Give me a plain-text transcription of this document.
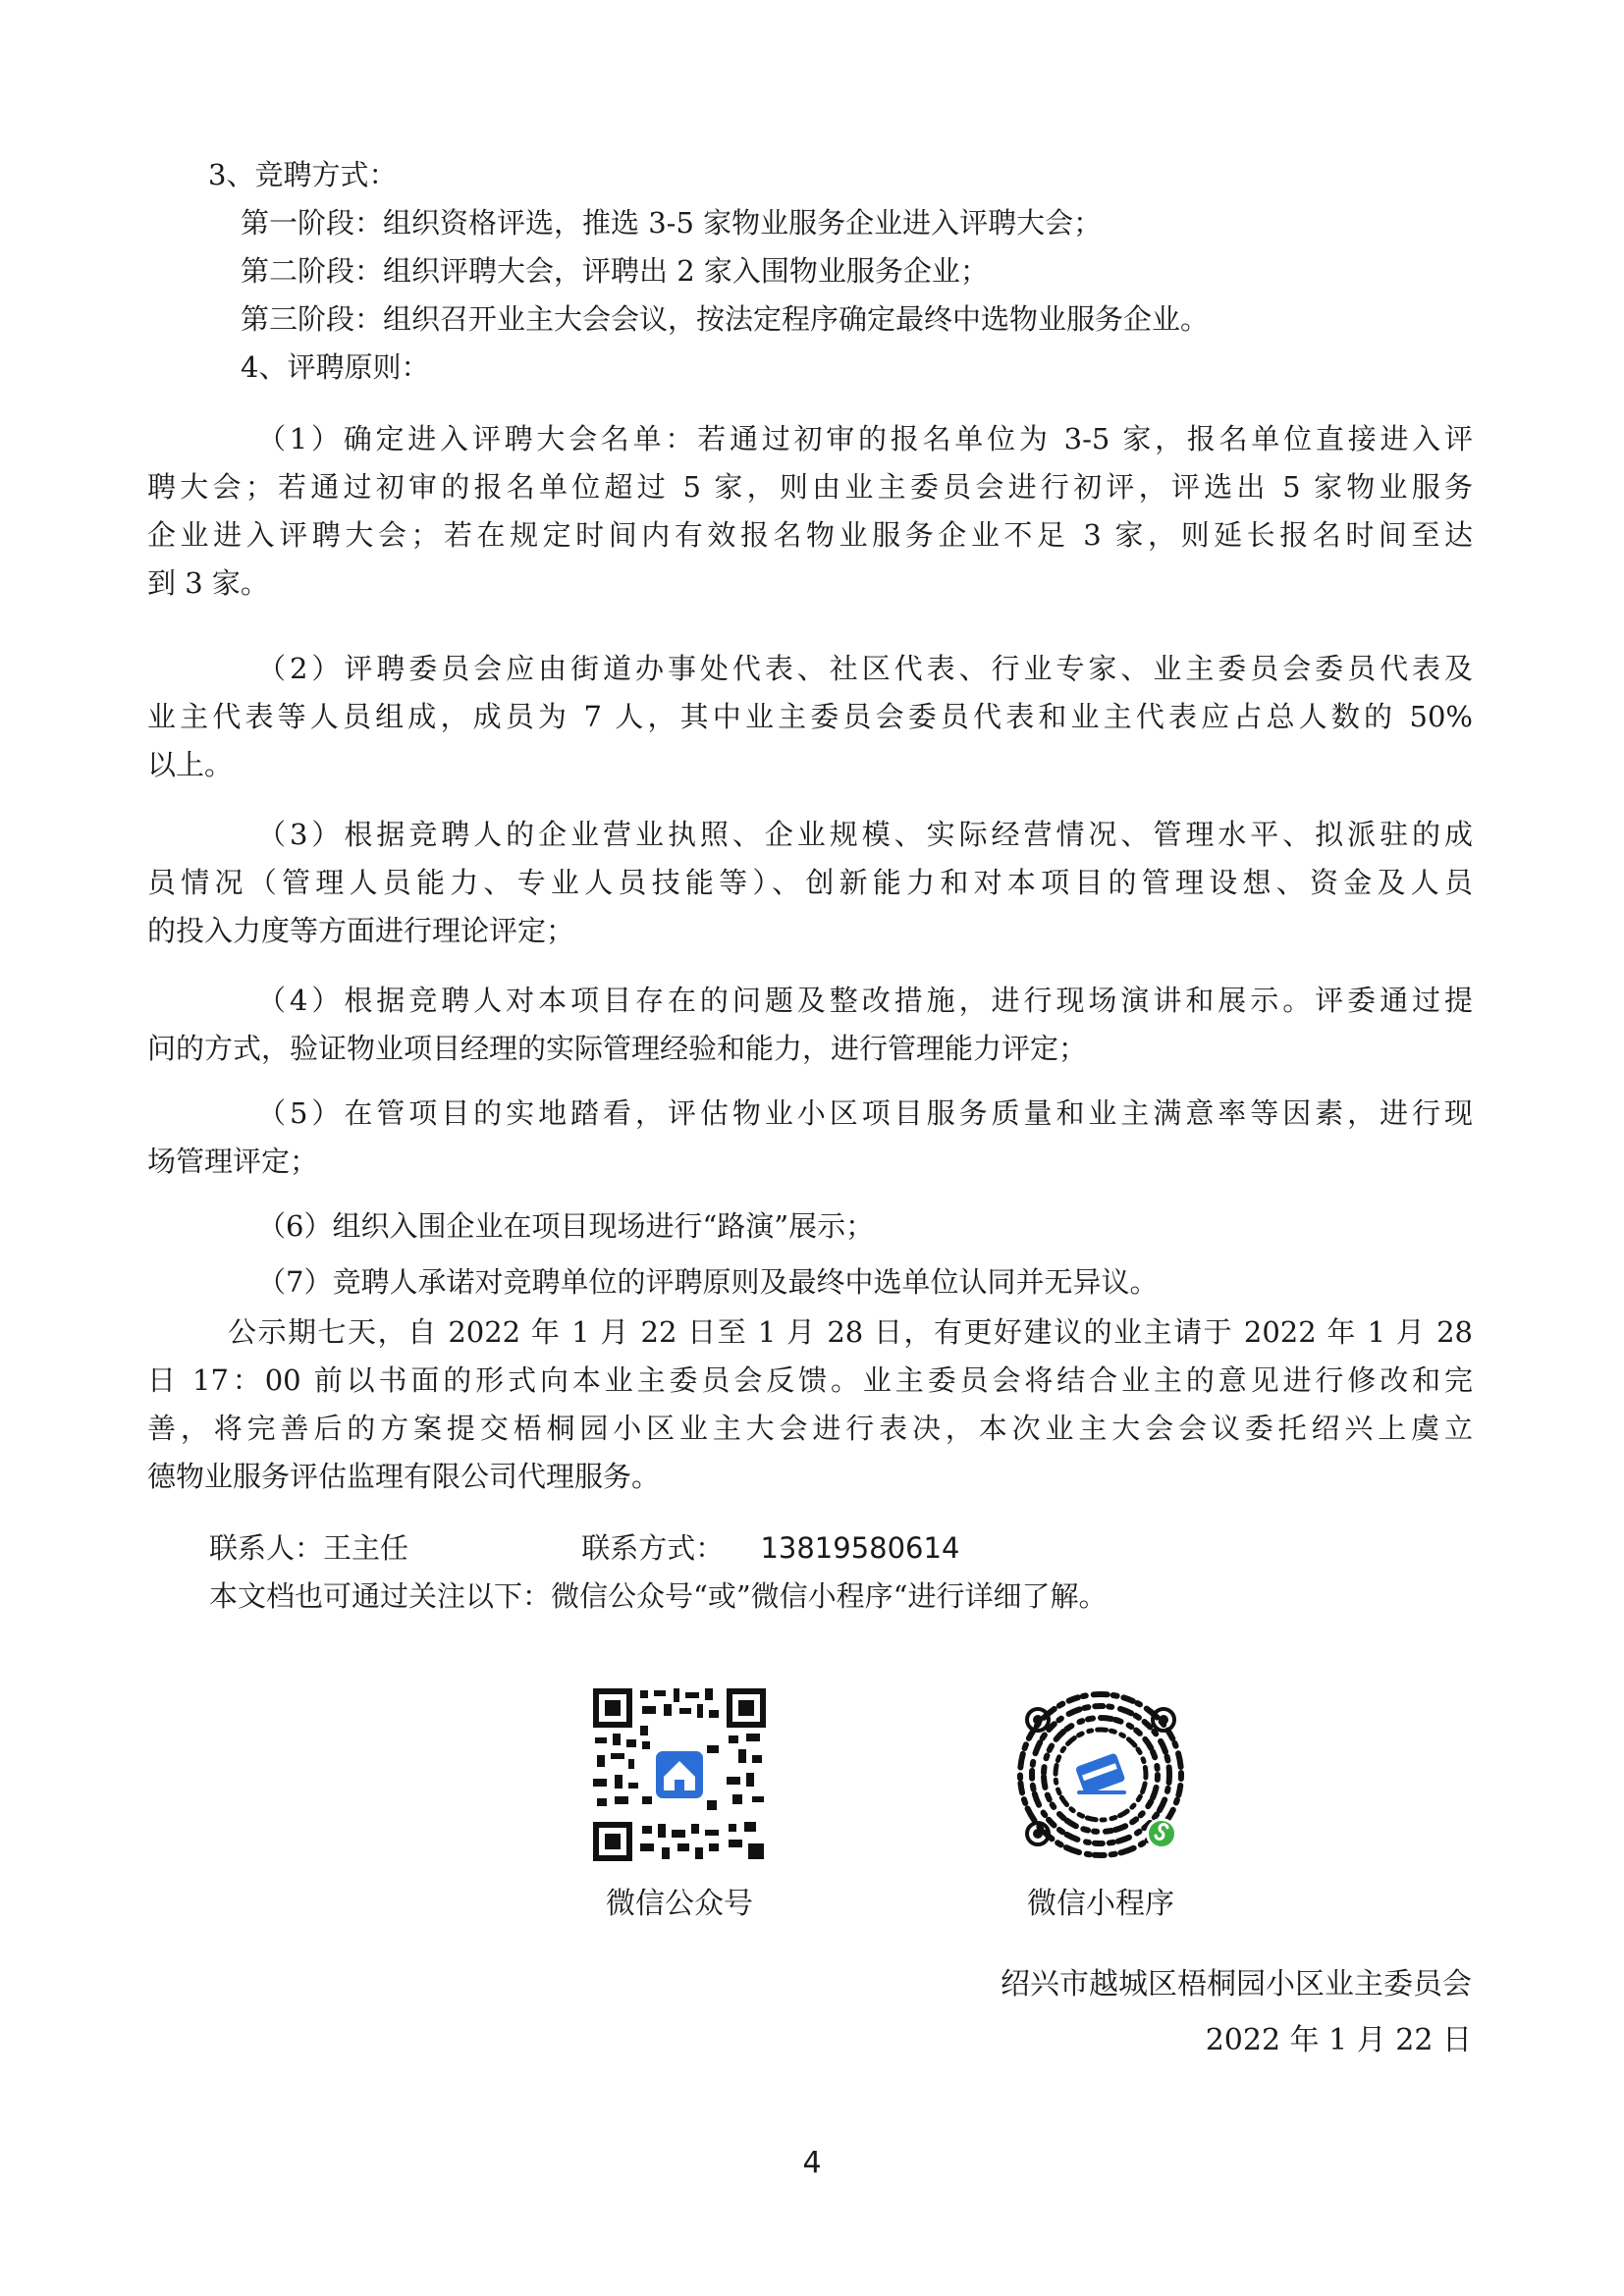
3、竞聘方式：

第一阶段：组织资格评选，推选 3-5 家物业服务企业进入评聘大会；

第二阶段：组织评聘大会，评聘出 2 家入围物业服务企业；

第三阶段：组织召开业主大会会议，按法定程序确定最终中选物业服务企业。

4、评聘原则：

（1）确定进入评聘大会名单：若通过初审的报名单位为 3-5 家，报名单位直接进入评

聘大会；若通过初审的报名单位超过 5 家，则由业主委员会进行初评，评选出 5 家物业服务

企业进入评聘大会；若在规定时间内有效报名物业服务企业不足 3 家，则延长报名时间至达

到 3 家。

（2）评聘委员会应由街道办事处代表、社区代表、行业专家、业主委员会委员代表及

业主代表等人员组成，成员为 7 人，其中业主委员会委员代表和业主代表应占总人数的 50%

以上。

（3）根据竞聘人的企业营业执照、企业规模、实际经营情况、管理水平、拟派驻的成

员情况（管理人员能力、专业人员技能等）、创新能力和对本项目的管理设想、资金及人员

的投入力度等方面进行理论评定；

（4）根据竞聘人对本项目存在的问题及整改措施，进行现场演讲和展示。评委通过提

问的方式，验证物业项目经理的实际管理经验和能力，进行管理能力评定；

（5）在管项目的实地踏看，评估物业小区项目服务质量和业主满意率等因素，进行现

场管理评定；

（6）组织入围企业在项目现场进行“路演”展示；

（7）竞聘人承诺对竞聘单位的评聘原则及最终中选单位认同并无异议。

公示期七天，自 2022 年 1 月 22 日至 1 月 28 日，有更好建议的业主请于 2022 年 1 月 28

日 17：00 前以书面的形式向本业主委员会反馈。业主委员会将结合业主的意见进行修改和完

善，将完善后的方案提交梧桐园小区业主大会进行表决，本次业主大会会议委托绍兴上虞立

德物业服务评估监理有限公司代理服务。

联系人：王主任	联系方式： 13819580614
本文档也可通过关注以下：微信公众号“或”微信小程序“进行详细了解。
微信公众号	微信小程序
绍兴市越城区梧桐园小区业主委员会
2022 年 1 月 22 日
4
